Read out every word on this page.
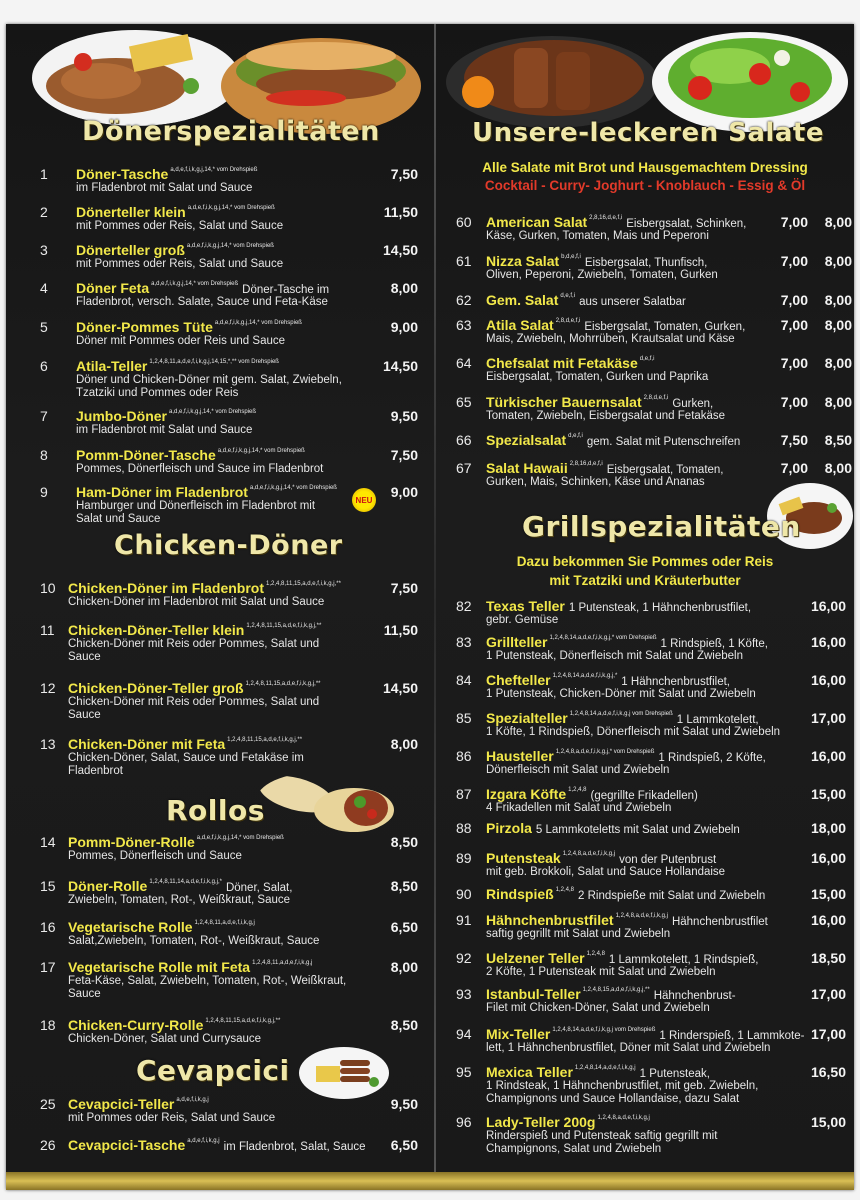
Dönerspezialitäten
1 Döner-Tasche $^{a,d,e,f,i,k,g,j,14,* vom Drehspieß}$
im Fladenbrot mit Salat und Sauce
7,50
2 Dönerteller klein $^{a,d,e,f,i,k,g,j,14,* vom Drehspieß}$
mit Pommes oder Reis, Salat und Sauce
11,50
3 Dönerteller groß $^{a,d,e,f,i,k,g,j,14,* vom Drehspieß}$
mit Pommes oder Reis, Salat und Sauce
14,50
4 Döner Feta $^{a,d,e,f,i,k,g,j,14,* vom Drehspieß}$ Döner-Tasche im
Fladenbrot, versch. Salate, Sauce und Feta-Käse
8,00
5 Döner-Pommes Tüte $^{a,d,e,f,i,k,g,j,14,* vom Drehspieß}$
Döner mit Pommes oder Reis und Sauce
9,00
6 Atila-Teller $^{1,2,4,8,11,a,d,e,f,i,k,g,j,14,15,*,** vom Drehspieß}$
Döner und Chicken-Döner mit gem. Salat, Zwiebeln,
Tzatziki und Pommes oder Reis
14,50
7 Jumbo-Döner $^{a,d,e,f,i,k,g,j,14,* vom Drehspieß}$
im Fladenbrot mit Salat und Sauce
9,50
8 Pomm-Döner-Tasche $^{a,d,e,f,i,k,g,j,14,* vom Drehspieß}$
Pommes, Dönerfleisch und Sauce im Fladenbrot
7,50
9 Ham-Döner im Fladenbrot $^{a,d,e,f,i,k,g,j,14,* vom Drehspieß}$
Hamburger und Dönerfleisch im Fladenbrot mit
Salat und Sauce
9,00
NEU
10 Chicken-Döner im Fladenbrot $^{1,2,4,8,11,15,a,d,e,f,i,k,g,j,**}$
Chicken-Döner im Fladenbrot mit Salat und Sauce
7,50
11 Chicken-Döner-Teller klein $^{1,2,4,8,11,15,a,d,e,f,i,k,g,j,**}$
Chicken-Döner mit Reis oder Pommes, Salat und
Sauce
11,50
12 Chicken-Döner-Teller groß $^{1,2,4,8,11,15,a,d,e,f,i,k,g,j,**}$
Chicken-Döner mit Reis oder Pommes, Salat und
Sauce
14,50
13 Chicken-Döner mit Feta $^{1,2,4,8,11,15,a,d,e,f,i,k,g,j,**}$
Chicken-Döner, Salat, Sauce und Fetakäse im
Fladenbrot
8,00
14 Pomm-Döner-Rolle $^{a,d,e,f,i,k,g,j,14,* vom Drehspieß}$
Pommes, Dönerfleisch und Sauce
8,50
15 Döner-Rolle $^{1,2,4,8,11,14,a,d,e,f,i,k,g,j,*}$ Döner, Salat,
Zwiebeln, Tomaten, Rot-, Weißkraut, Sauce
8,50
16 Vegetarische Rolle $^{1,2,4,8,11,a,d,e,f,i,k,g,j}$
Salat,Zwiebeln, Tomaten, Rot-, Weißkraut, Sauce
6,50
17 Vegetarische Rolle mit Feta $^{1,2,4,8,11,a,d,e,f,i,k,g,j}$
Feta-Käse, Salat, Zwiebeln, Tomaten, Rot-, Weißkraut,
Sauce
8,00
18 Chicken-Curry-Rolle $^{1,2,4,8,11,15,a,d,e,f,i,k,g,j,**}$
Chicken-Döner, Salat und Currysauce
8,50
25 Cevapcici-Teller $^{a,d,e,f,i,k,g,j}$
mit Pommes oder Reis, Salat und Sauce
9,50
26 Cevapcici-Tasche $^{a,d,e,f,i,k,g,j}$ im Fladenbrot, Salat, Sauce 6,50
Chicken-Döner
Rollos
Cevapcici
Unsere-leckeren Salate
Alle Salate mit Brot und Hausgemachtem Dressing
Cocktail - Curry- Joghurt - Knoblauch - Essig & Öl
60 American Salat $^{2,8,16,d,e,f,i}$ Eisbergsalat, Schinken,
Käse, Gurken, Tomaten, Mais und Peperoni
7,00 8,00
61 Nizza Salat $^{b,d,e,f,i}$ Eisbergsalat, Thunfisch,
Oliven, Peperoni, Zwiebeln, Tomaten, Gurken
7,00 8,00
62 Gem. Salat $^{d,e,f,i}$ aus unserer Salatbar	7,00 8,00
63 Atila Salat $^{2,8,d,e,f,i}$ Eisbergsalat, Tomaten, Gurken,
Mais, Zwiebeln, Mohrrüben, Krautsalat und Käse
7,00 8,00
64 Chefsalat mit Fetakäse $^{d,e,f,i}$
Eisbergsalat, Tomaten, Gurken und Paprika
7,00 8,00
65 Türkischer Bauernsalat $^{2,8,d,e,f,i}$ Gurken,
Tomaten, Zwiebeln, Eisbergsalat und Fetakäse
7,00 8,00
66 Spezialsalat $^{d,e,f,i}$ gem. Salat mit Putenschreifen	7,50 8,50
67 Salat Hawaii $^{2,8,16,d,e,f,i}$ Eisbergsalat, Tomaten,
Gurken, Mais, Schinken, Käse und Ananas
7,00 8,00
Grillspezialitäten
Dazu bekommen Sie Pommes oder Reis
mit Tzatziki und Kräuterbutter
82 Texas Teller 1 Putensteak, 1 Hähnchenbrustfilet,
gebr. Gemüse
16,00
83 Grillteller $^{1,2,4,8,14,a,d,e,f,i,k,g,j,* vom Drehspieß}$ 1 Rindspieß, 1 Köfte,
1 Putensteak, Dönerfleisch mit Salat und Zwiebeln
16,00
84 Chefteller $^{1,2,4,8,14,a,d,e,f,i,k,g,j,*}$ 1 Hähnchenbrustfilet,
1 Putensteak, Chicken-Döner mit Salat und Zwiebeln
16,00
85 Spezialteller $^{1,2,4,8,14,a,d,e,f,i,k,g,j vom Drehspieß}$ 1 Lammkotelett,
1 Köfte, 1 Rindspieß, Dönerfleisch mit Salat und Zwiebeln
17,00
86 Hausteller $^{1,2,4,8,a,d,e,f,i,k,g,j,* vom Drehspieß}$ 1 Rindspieß, 2 Köfte,
Dönerfleisch mit Salat und Zwiebeln
16,00
87 Izgara Köfte $^{1,2,4,8}$ (gegrillte Frikadellen)
4 Frikadellen mit Salat und Zwiebeln
15,00
88 Pirzola 5 Lammkoteletts mit Salat und Zwiebeln	18,00
89 Putensteak $^{1,2,4,8,a,d,e,f,i,k,g,j}$ von der Putenbrust
mit geb. Brokkoli, Salat und Sauce Hollandaise
16,00
90 Rindspieß $^{1,2,4,8}$ 2 Rindspieße mit Salat und Zwiebeln	15,00
91 Hähnchenbrustfilet $^{1,2,4,8,a,d,e,f,i,k,g,j}$ Hähnchenbrustfilet
saftig gegrillt mit Salat und Zwiebeln
16,00
92 Uelzener Teller $^{1,2,4,8}$ 1 Lammkotelett, 1 Rindspieß,
2 Köfte, 1 Putensteak mit Salat und Zwiebeln
18,50
93 Istanbul-Teller $^{1,2,4,8,15,a,d,e,f,i,k,g,j,**}$ Hähnchenbrust-
Filet mit Chicken-Döner, Salat und Zwiebeln
17,00
94 Mix-Teller $^{1,2,4,8,14,a,d,e,f,i,k,g,j vom Drehspieß}$ 1 Rinderspieß, 1 Lammkote-
lett, 1 Hähnchenbrustfilet, Döner mit Salat und Zwiebeln
17,00
95 Mexica Teller $^{1,2,4,8,14,a,d,e,f,i,k,g,j}$ 1 Putensteak,
1 Rindsteak, 1 Hähnchenbrustfilet, mit geb. Zwiebeln,
Champignons und Sauce Hollandaise, dazu Salat
16,50
96 Lady-Teller 200g $^{1,2,4,8,a,d,e,f,i,k,g,j}$
Rinderspieß und Putensteak saftig gegrillt mit
Champignons, Salat und Zwiebeln
15,00
